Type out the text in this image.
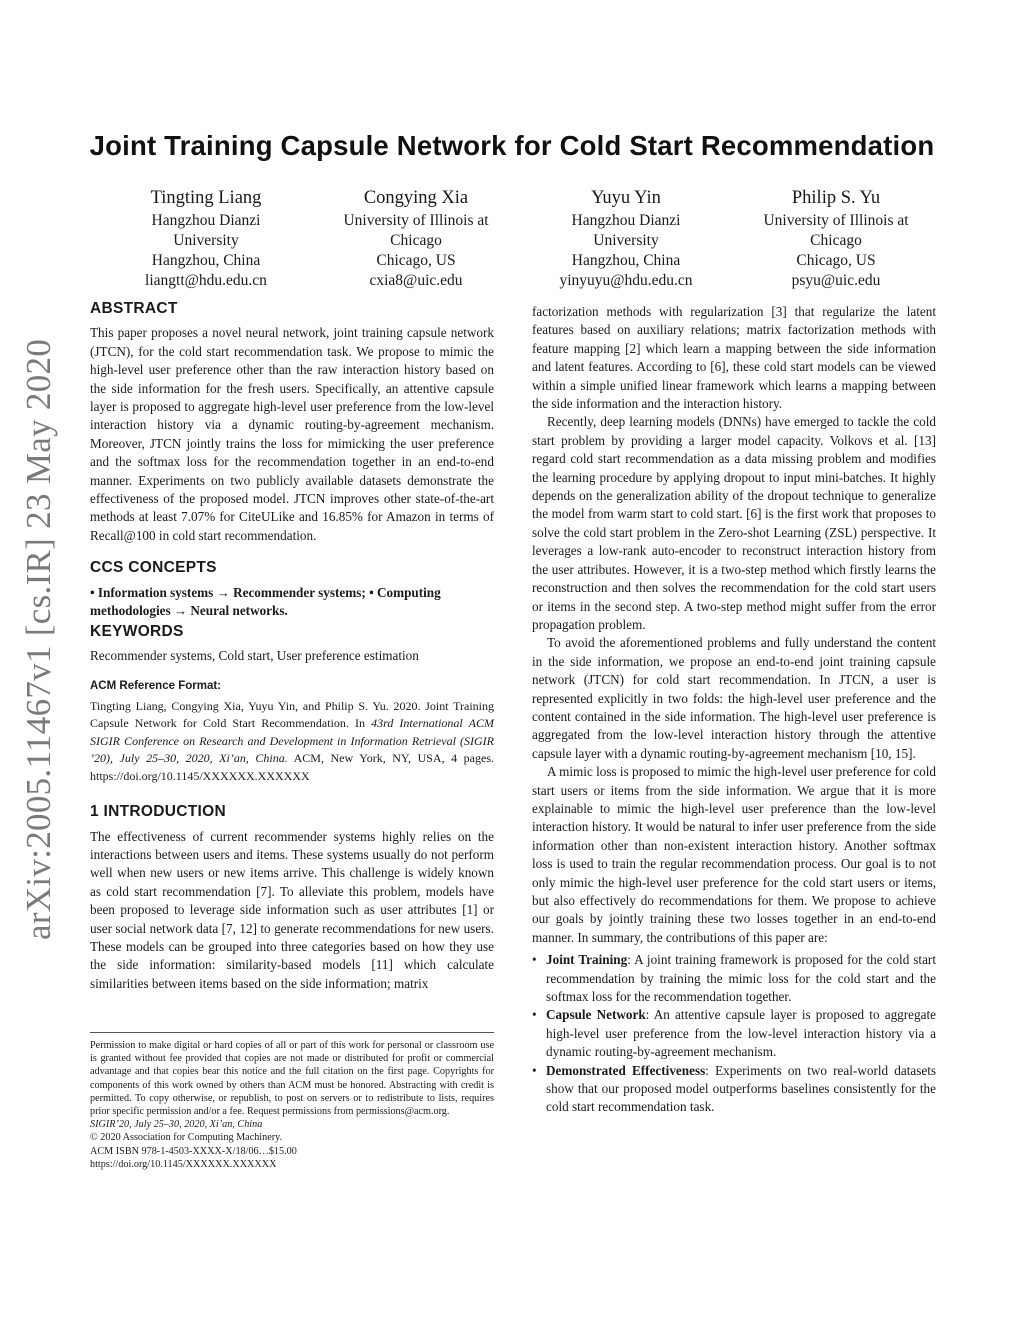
arXiv:2005.11467v1 [cs.IR] 23 May 2020
Joint Training Capsule Network for Cold Start Recommendation
Tingting Liang
Hangzhou Dianzi
University
Hangzhou, China
liangtt@hdu.edu.cn
Congying Xia
University of Illinois at
Chicago
Chicago, US
cxia8@uic.edu
Yuyu Yin
Hangzhou Dianzi
University
Hangzhou, China
yinyuyu@hdu.edu.cn
Philip S. Yu
University of Illinois at
Chicago
Chicago, US
psyu@uic.edu
ABSTRACT

This paper proposes a novel neural network, joint training capsule network (JTCN), for the cold start recommendation task. We propose to mimic the high-level user preference other than the raw interaction history based on the side information for the fresh users. Specifically, an attentive capsule layer is proposed to aggregate high-level user preference from the low-level interaction history via a dynamic routing-by-agreement mechanism. Moreover, JTCN jointly trains the loss for mimicking the user preference and the softmax loss for the recommendation together in an end-to-end manner. Experiments on two publicly available datasets demonstrate the effectiveness of the proposed model. JTCN improves other state-of-the-art methods at least 7.07% for CiteULike and 16.85% for Amazon in terms of Recall@100 in cold start recommendation.

CCS CONCEPTS

• Information systems → Recommender systems; • Computing methodologies → Neural networks.

KEYWORDS

Recommender systems, Cold start, User preference estimation

ACM Reference Format:

Tingting Liang, Congying Xia, Yuyu Yin, and Philip S. Yu. 2020. Joint Training Capsule Network for Cold Start Recommendation. In 43rd International ACM SIGIR Conference on Research and Development in Information Retrieval (SIGIR ’20), July 25–30, 2020, Xi’an, China. ACM, New York, NY, USA, 4 pages. https://doi.org/10.1145/XXXXXX.XXXXXX

1 INTRODUCTION

The effectiveness of current recommender systems highly relies on the interactions between users and items. These systems usually do not perform well when new users or new items arrive. This challenge is widely known as cold start recommendation [7]. To alleviate this problem, models have been proposed to leverage side information such as user attributes [1] or user social network data [7, 12] to generate recommendations for new users. These models can be grouped into three categories based on how they use the side information: similarity-based models [11] which calculate similarities between items based on the side information; matrix

Permission to make digital or hard copies of all or part of this work for personal or classroom use is granted without fee provided that copies are not made or distributed for profit or commercial advantage and that copies bear this notice and the full citation on the first page. Copyrights for components of this work owned by others than ACM must be honored. Abstracting with credit is permitted. To copy otherwise, or republish, to post on servers or to redistribute to lists, requires prior specific permission and/or a fee. Request permissions from permissions@acm.org.

SIGIR’20, July 25–30, 2020, Xi’an, China

© 2020 Association for Computing Machinery.

ACM ISBN 978-1-4503-XXXX-X/18/06…$15.00

https://doi.org/10.1145/XXXXXX.XXXXXX

factorization methods with regularization [3] that regularize the latent features based on auxiliary relations; matrix factorization methods with feature mapping [2] which learn a mapping between the side information and latent features. According to [6], these cold start models can be viewed within a simple unified linear framework which learns a mapping between the side information and the interaction history.

Recently, deep learning models (DNNs) have emerged to tackle the cold start problem by providing a larger model capacity. Volkovs et al. [13] regard cold start recommendation as a data missing problem and modifies the learning procedure by applying dropout to input mini-batches. It highly depends on the generalization ability of the dropout technique to generalize the model from warm start to cold start. [6] is the first work that proposes to solve the cold start problem in the Zero-shot Learning (ZSL) perspective. It leverages a low-rank auto-encoder to reconstruct interaction history from the user attributes. However, it is a two-step method which firstly learns the reconstruction and then solves the recommendation for the cold start users or items in the second step. A two-step method might suffer from the error propagation problem.

To avoid the aforementioned problems and fully understand the content in the side information, we propose an end-to-end joint training capsule network (JTCN) for cold start recommendation. In JTCN, a user is represented explicitly in two folds: the high-level user preference and the content contained in the side information. The high-level user preference is aggregated from the low-level interaction history through the attentive capsule layer with a dynamic routing-by-agreement mechanism [10, 15].

A mimic loss is proposed to mimic the high-level user preference for cold start users or items from the side information. We argue that it is more explainable to mimic the high-level user preference than the low-level interaction history. It would be natural to infer user preference from the side information other than non-existent interaction history. Another softmax loss is used to train the regular recommendation process. Our goal is to not only mimic the high-level user preference for the cold start users or items, but also effectively do recommendations for them. We propose to achieve our goals by jointly training these two losses together in an end-to-end manner. In summary, the contributions of this paper are:

• Joint Training: A joint training framework is proposed for the cold start recommendation by training the mimic loss for the cold start and the softmax loss for the recommendation together.
• Capsule Network: An attentive capsule layer is proposed to aggregate high-level user preference from the low-level interaction history via a dynamic routing-by-agreement mechanism.
• Demonstrated Effectiveness: Experiments on two real-world datasets show that our proposed model outperforms baselines consistently for the cold start recommendation task.
